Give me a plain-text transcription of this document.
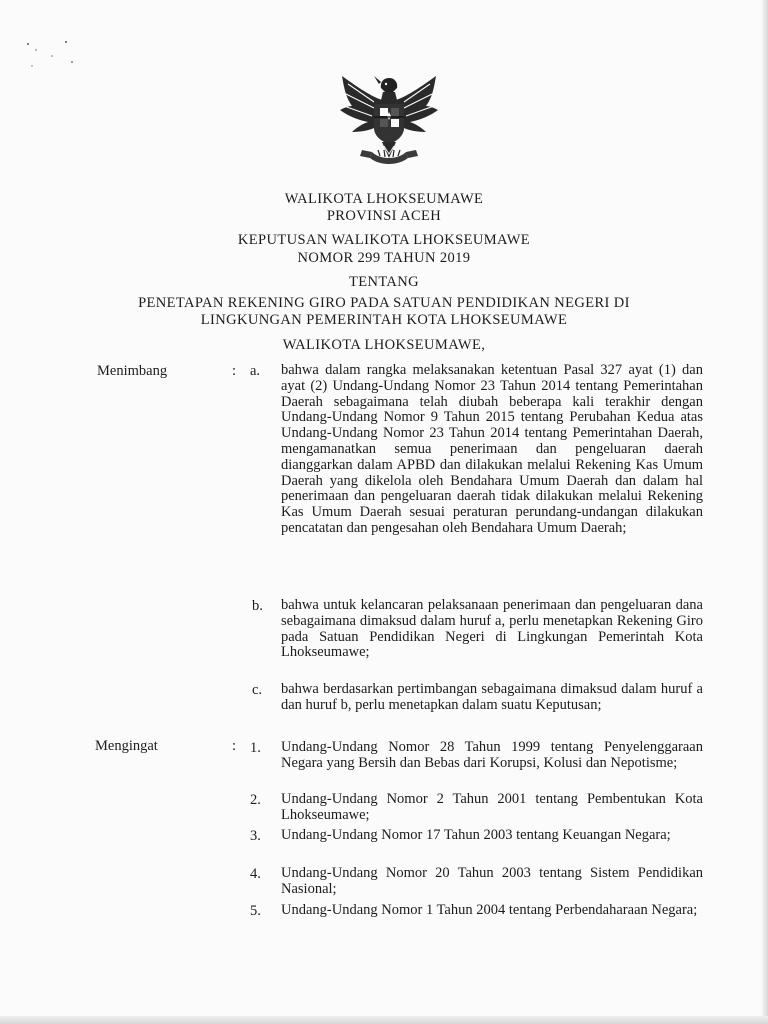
WALIKOTA LHOKSEUMAWE
PROVINSI ACEH
KEPUTUSAN WALIKOTA LHOKSEUMAWE
NOMOR 299 TAHUN 2019
TENTANG
PENETAPAN REKENING GIRO PADA SATUAN PENDIDIKAN NEGERI DI
LINGKUNGAN PEMERINTAH KOTA LHOKSEUMAWE
WALIKOTA LHOKSEUMAWE,
Menimbang	: a. bahwa dalam rangka melaksanakan ketentuan Pasal 327 ayat (1) dan ayat (2) Undang-Undang Nomor 23 Tahun 2014 tentang Pemerintahan Daerah sebagaimana telah diubah beberapa kali terakhir dengan Undang-Undang Nomor 9 Tahun 2015 tentang Perubahan Kedua atas Undang-Undang Nomor 23 Tahun 2014 tentang Pemerintahan Daerah, mengamanatkan semua penerimaan dan pengeluaran daerah dianggarkan dalam APBD dan dilakukan melalui Rekening Kas Umum Daerah yang dikelola oleh Bendahara Umum Daerah dan dalam hal penerimaan dan pengeluaran daerah tidak dilakukan melalui Rekening Kas Umum Daerah sesuai peraturan perundang-undangan dilakukan pencatatan dan pengesahan oleh Bendahara Umum Daerah;
b. bahwa untuk kelancaran pelaksanaan penerimaan dan pengeluaran dana sebagaimana dimaksud dalam huruf a, perlu menetapkan Rekening Giro pada Satuan Pendidikan Negeri di Lingkungan Pemerintah Kota Lhokseumawe;
c. bahwa berdasarkan pertimbangan sebagaimana dimaksud dalam huruf a dan huruf b, perlu menetapkan dalam suatu Keputusan;
Mengingat	: 1. Undang-Undang Nomor 28 Tahun 1999 tentang Penyelenggaraan Negara yang Bersih dan Bebas dari Korupsi, Kolusi dan Nepotisme;
2. Undang-Undang Nomor 2 Tahun 2001 tentang Pembentukan Kota Lhokseumawe;
3. Undang-Undang Nomor 17 Tahun 2003 tentang Keuangan Negara;
4. Undang-Undang Nomor 20 Tahun 2003 tentang Sistem Pendidikan Nasional;
5. Undang-Undang Nomor 1 Tahun 2004 tentang Perbendaharaan Negara;
